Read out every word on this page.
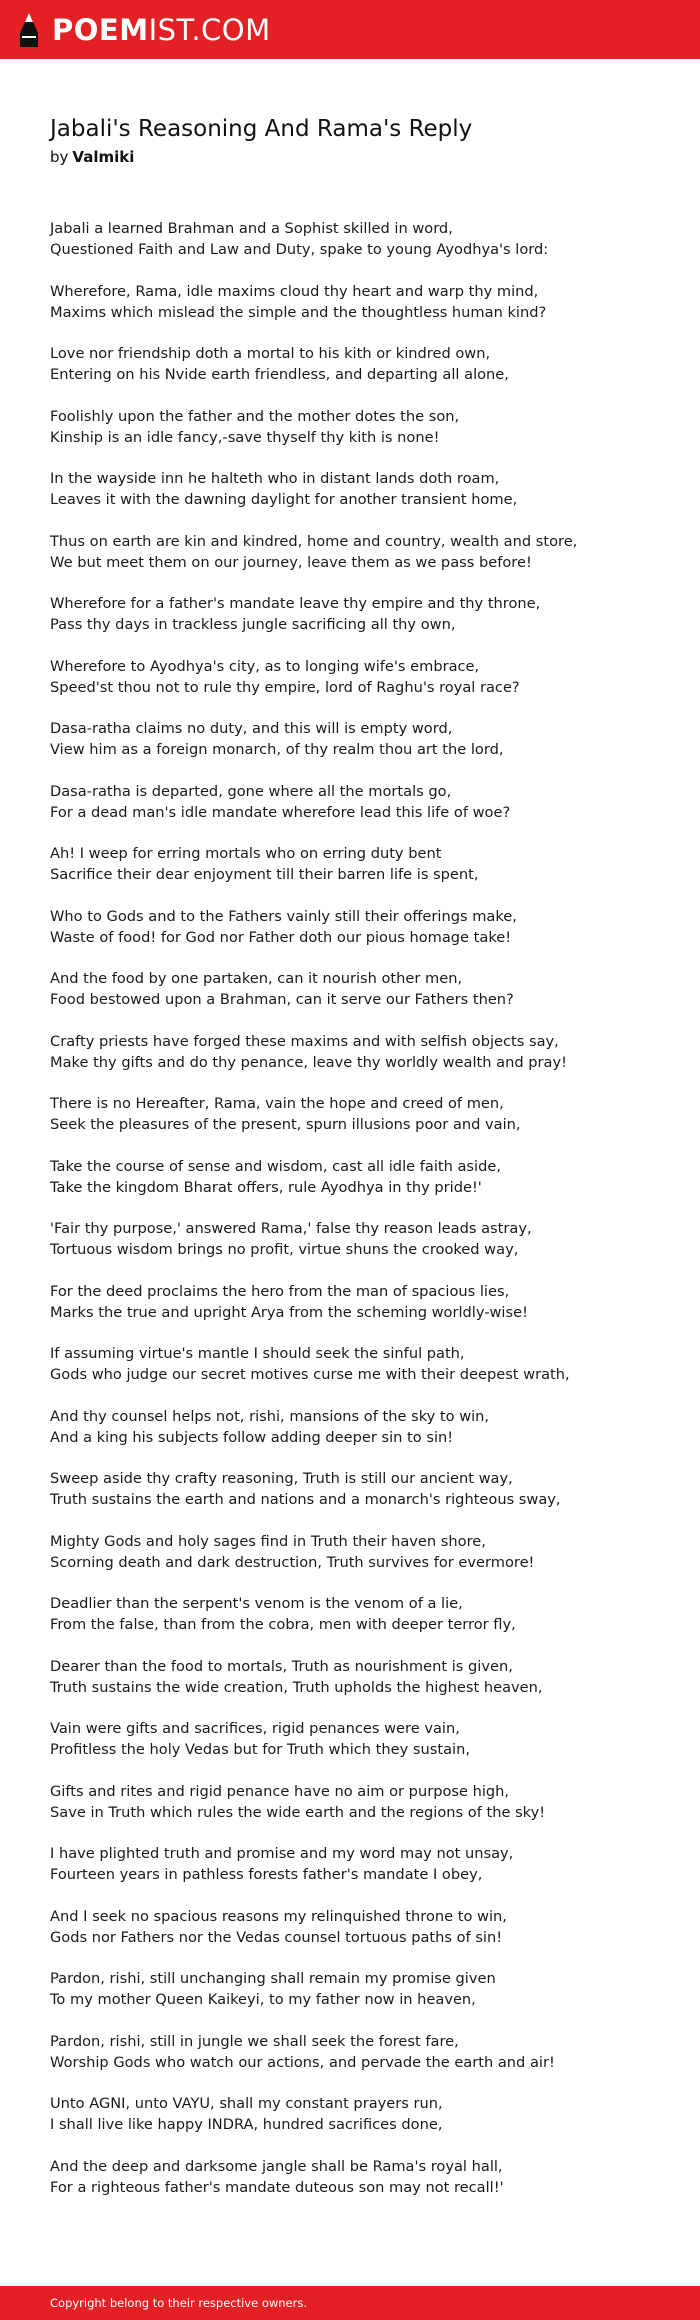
POEMIST.COM
Jabali's Reasoning And Rama's Reply
by Valmiki
Jabali a learned Brahman and a Sophist skilled in word,
Questioned Faith and Law and Duty, spake to young Ayodhya's lord:
Wherefore, Rama, idle maxims cloud thy heart and warp thy mind,
Maxims which mislead the simple and the thoughtless human kind?
Love nor friendship doth a mortal to his kith or kindred own,
Entering on his Nvide earth friendless, and departing all alone,
Foolishly upon the father and the mother dotes the son,
Kinship is an idle fancy,-save thyself thy kith is none!
In the wayside inn he halteth who in distant lands doth roam,
Leaves it with the dawning daylight for another transient home,
Thus on earth are kin and kindred, home and country, wealth and store,
We but meet them on our journey, leave them as we pass before!
Wherefore for a father's mandate leave thy empire and thy throne,
Pass thy days in trackless jungle sacrificing all thy own,
Wherefore to Ayodhya's city, as to longing wife's embrace,
Speed'st thou not to rule thy empire, lord of Raghu's royal race?
Dasa-ratha claims no duty, and this will is empty word,
View him as a foreign monarch, of thy realm thou art the lord,
Dasa-ratha is departed, gone where all the mortals go,
For a dead man's idle mandate wherefore lead this life of woe?
Ah! I weep for erring mortals who on erring duty bent
Sacrifice their dear enjoyment till their barren life is spent,
Who to Gods and to the Fathers vainly still their offerings make,
Waste of food! for God nor Father doth our pious homage take!
And the food by one partaken, can it nourish other men,
Food bestowed upon a Brahman, can it serve our Fathers then?
Crafty priests have forged these maxims and with selfish objects say,
Make thy gifts and do thy penance, leave thy worldly wealth and pray!
There is no Hereafter, Rama, vain the hope and creed of men,
Seek the pleasures of the present, spurn illusions poor and vain,
Take the course of sense and wisdom, cast all idle faith aside,
Take the kingdom Bharat offers, rule Ayodhya in thy pride!'
'Fair thy purpose,' answered Rama,' false thy reason leads astray,
Tortuous wisdom brings no profit, virtue shuns the crooked way,
For the deed proclaims the hero from the man of spacious lies,
Marks the true and upright Arya from the scheming worldly-wise!
If assuming virtue's mantle I should seek the sinful path,
Gods who judge our secret motives curse me with their deepest wrath,
And thy counsel helps not, rishi, mansions of the sky to win,
And a king his subjects follow adding deeper sin to sin!
Sweep aside thy crafty reasoning, Truth is still our ancient way,
Truth sustains the earth and nations and a monarch's righteous sway,
Mighty Gods and holy sages find in Truth their haven shore,
Scorning death and dark destruction, Truth survives for evermore!
Deadlier than the serpent's venom is the venom of a lie,
From the false, than from the cobra, men with deeper terror fly,
Dearer than the food to mortals, Truth as nourishment is given,
Truth sustains the wide creation, Truth upholds the highest heaven,
Vain were gifts and sacrifices, rigid penances were vain,
Profitless the holy Vedas but for Truth which they sustain,
Gifts and rites and rigid penance have no aim or purpose high,
Save in Truth which rules the wide earth and the regions of the sky!
I have plighted truth and promise and my word may not unsay,
Fourteen years in pathless forests father's mandate I obey,
And I seek no spacious reasons my relinquished throne to win,
Gods nor Fathers nor the Vedas counsel tortuous paths of sin!
Pardon, rishi, still unchanging shall remain my promise given
To my mother Queen Kaikeyi, to my father now in heaven,
Pardon, rishi, still in jungle we shall seek the forest fare,
Worship Gods who watch our actions, and pervade the earth and air!
Unto AGNI, unto VAYU, shall my constant prayers run,
I shall live like happy INDRA, hundred sacrifices done,
And the deep and darksome jangle shall be Rama's royal hall,
For a righteous father's mandate duteous son may not recall!'
Copyright belong to their respective owners.
